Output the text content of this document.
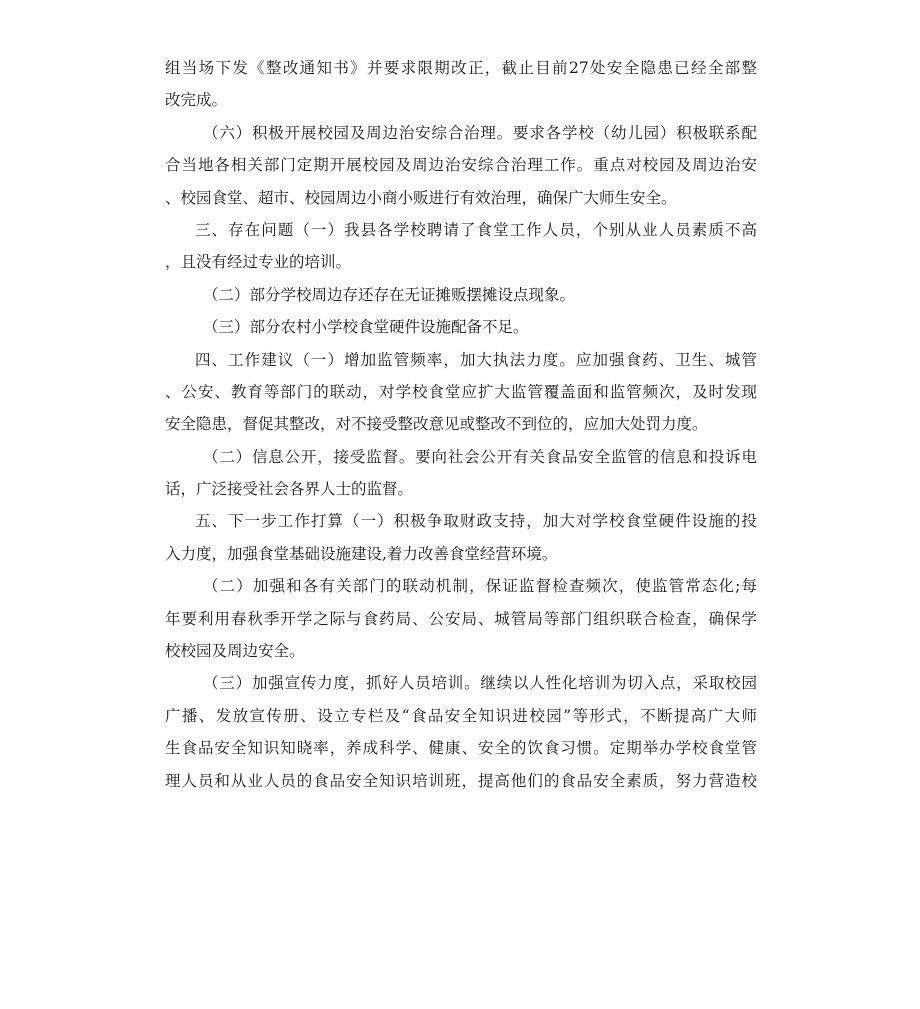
组当场下发《整改通知书》并要求限期改正，截止目前27处安全隐患已经全部整
改完成。
（六）积极开展校园及周边治安综合治理。要求各学校（幼儿园）积极联系配
合当地各相关部门定期开展校园及周边治安综合治理工作。重点对校园及周边治安
、校园食堂、超市、校园周边小商小贩进行有效治理，确保广大师生安全。
三、存在问题（一）我县各学校聘请了食堂工作人员，个别从业人员素质不高
，且没有经过专业的培训。
（二）部分学校周边存还存在无证摊贩摆摊设点现象。
（三）部分农村小学校食堂硬件设施配备不足。
四、工作建议（一）增加监管频率，加大执法力度。应加强食药、卫生、城管
、公安、教育等部门的联动，对学校食堂应扩大监管覆盖面和监管频次，及时发现
安全隐患，督促其整改，对不接受整改意见或整改不到位的，应加大处罚力度。
（二）信息公开，接受监督。要向社会公开有关食品安全监管的信息和投诉电
话，广泛接受社会各界人士的监督。
五、下一步工作打算（一）积极争取财政支持，加大对学校食堂硬件设施的投
入力度，加强食堂基础设施建设,着力改善食堂经营环境。
（二）加强和各有关部门的联动机制，保证监督检查频次，使监管常态化;每
年要利用春秋季开学之际与食药局、公安局、城管局等部门组织联合检查，确保学
校校园及周边安全。
（三）加强宣传力度，抓好人员培训。继续以人性化培训为切入点，采取校园
广播、发放宣传册、设立专栏及“食品安全知识进校园”等形式，不断提高广大师
生食品安全知识知晓率，养成科学、健康、安全的饮食习惯。定期举办学校食堂管
理人员和从业人员的食品安全知识培训班，提高他们的食品安全素质，努力营造校
